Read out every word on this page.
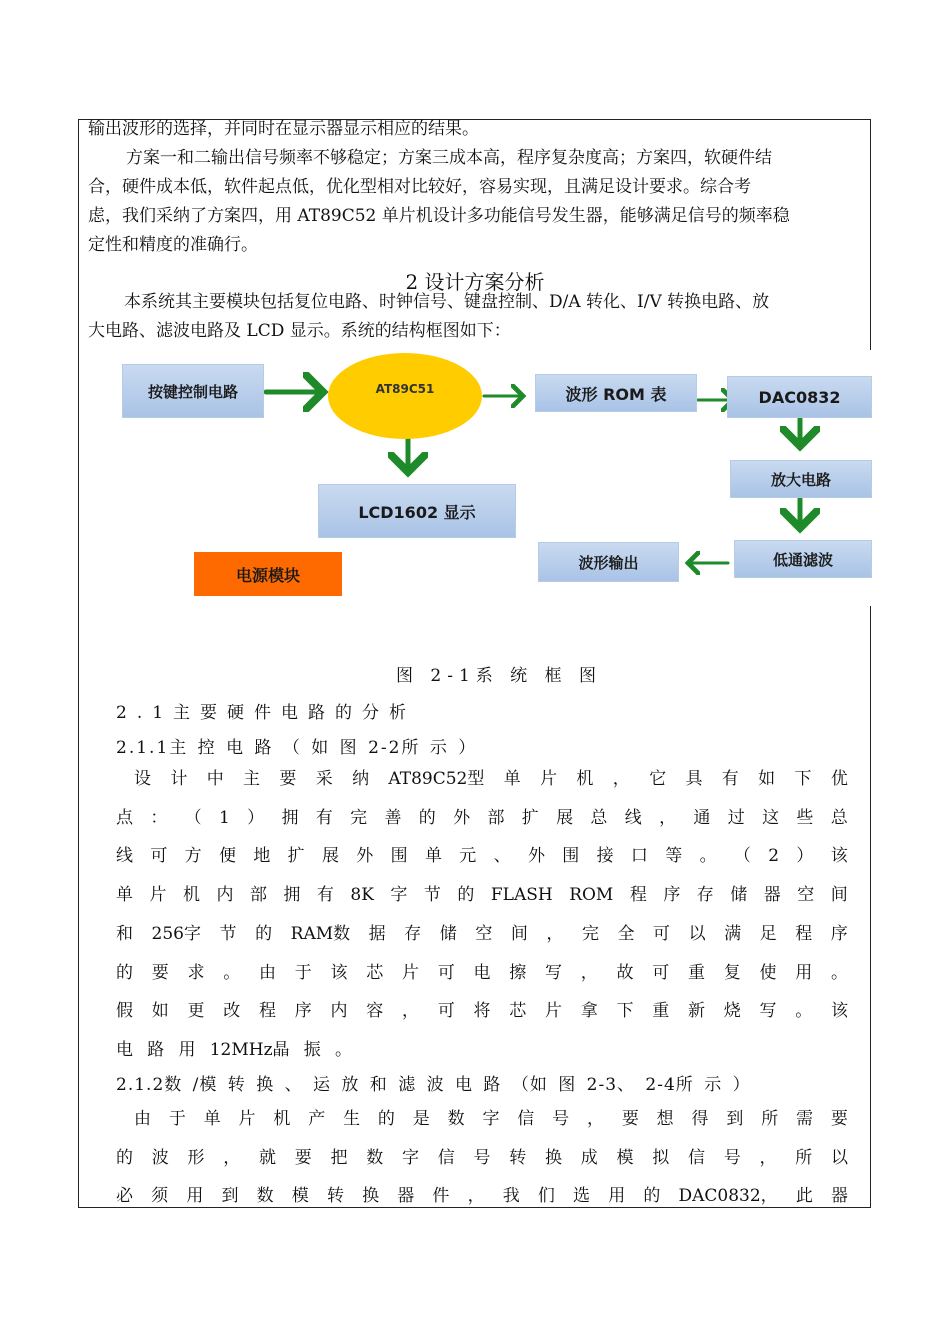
输出波形的选择，并同时在显示器显示相应的结果。
方案一和二输出信号频率不够稳定；方案三成本高，程序复杂度高；方案四，软硬件结
合，硬件成本低，软件起点低，优化型相对比较好，容易实现，且满足设计要求。综合考
虑，我们采纳了方案四，用 AT89C52 单片机设计多功能信号发生器，能够满足信号的频率稳
定性和精度的准确行。
2 设计方案分析
本系统其主要模块包括复位电路、时钟信号、键盘控制、D/A 转化、I/V 转换电路、放
大电路、滤波电路及 LCD 显示。系统的结构框图如下：
按键控制电路	AT89C51	波形 ROM 表	DAC0832
LCD1602 显示
放大电路
低通滤波
波形输出
电源模块
图 2-1系 统 框 图
2.1主要硬件电路的分析
2.1.1主 控 电 路 （ 如 图 2-2所 示 ）
设 计 中 主 要 采 纳 AT89C52型 单 片 机 ， 它 具 有 如 下 优
点 ： （ 1 ） 拥 有 完 善 的 外 部 扩 展 总 线 ， 通 过 这 些 总
线 可 方 便 地 扩 展 外 围 单 元 、 外 围 接 口 等 。 （ 2 ） 该
单 片 机 内 部 拥 有 8K 字 节 的 FLASH ROM 程 序 存 储 器 空 间
和 256字 节 的 RAM数 据 存 储 空 间 ， 完 全 可 以 满 足 程 序
的 要 求 。 由 于 该 芯 片 可 电 擦 写 ， 故 可 重 复 使 用 。
假 如 更 改 程 序 内 容 ， 可 将 芯 片 拿 下 重 新 烧 写 。 该
电 路 用 12MHz晶 振 。
2.1.2数 /模 转 换 、 运 放 和 滤 波 电 路 （如 图 2-3、 2-4所 示 ）
由 于 单 片 机 产 生 的 是 数 字 信 号 ， 要 想 得 到 所 需 要
的 波 形 ， 就 要 把 数 字 信 号 转 换 成 模 拟 信 号 ， 所 以
必 须 用 到 数 模 转 换 器 件 ， 我 们 选 用 的 DAC0832， 此 器
